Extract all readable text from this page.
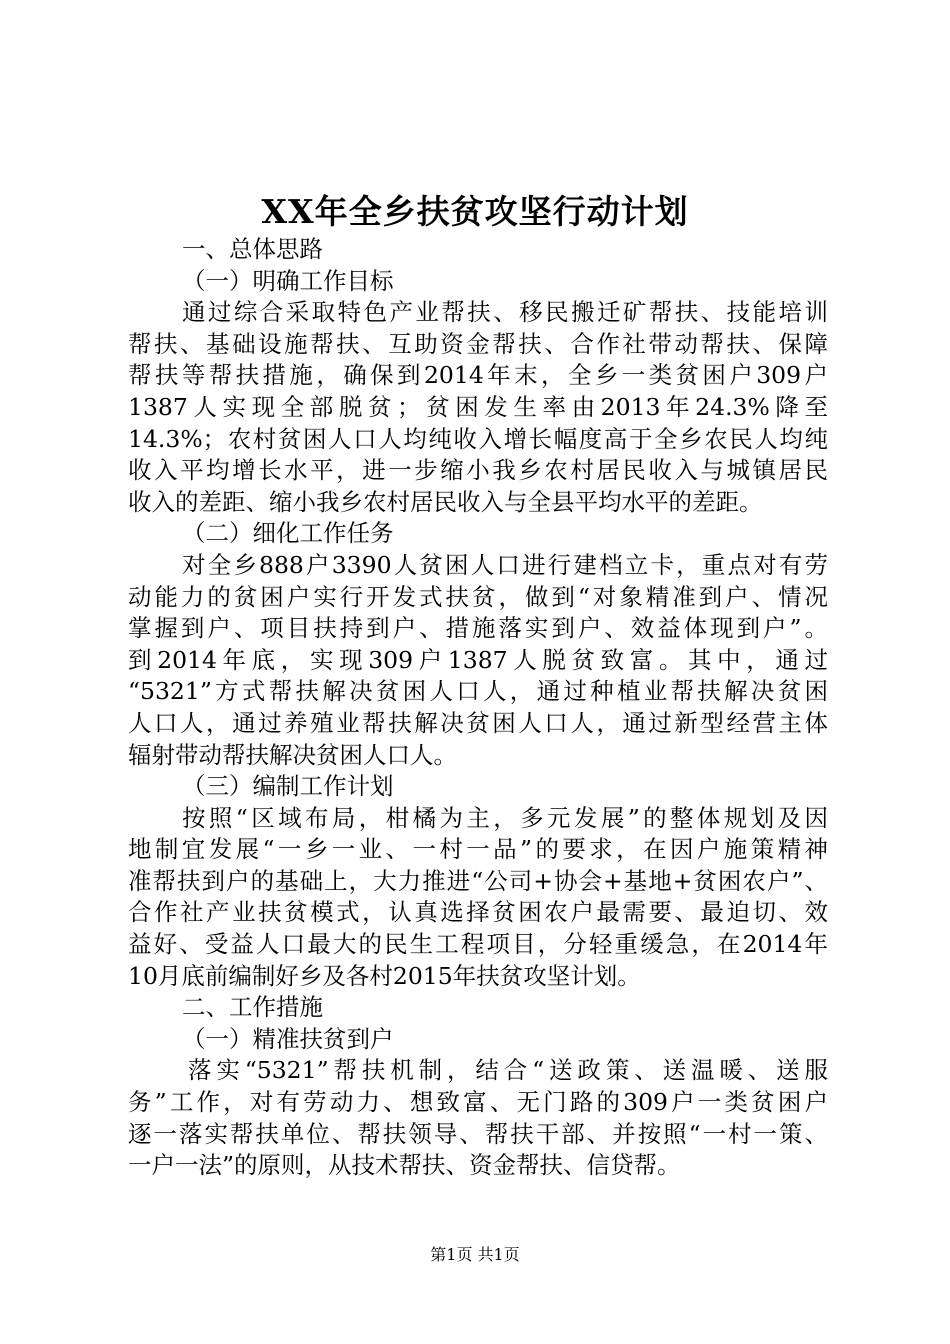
XX年全乡扶贫攻坚行动计划
一、总体思路
（一）明确工作目标
通过综合采取特色产业帮扶、移民搬迁矿帮扶、技能培训
帮扶、基础设施帮扶、互助资金帮扶、合作社带动帮扶、保障
帮扶等帮扶措施，确保到2014年末，全乡一类贫困户309户
1387人实现全部脱贫；贫困发生率由2013年24.3%降至
14.3%；农村贫困人口人均纯收入增长幅度高于全乡农民人均纯
收入平均增长水平，进一步缩小我乡农村居民收入与城镇居民
收入的差距、缩小我乡农村居民收入与全县平均水平的差距。
（二）细化工作任务
对全乡888户3390人贫困人口进行建档立卡，重点对有劳
动能力的贫困户实行开发式扶贫，做到“对象精准到户、情况
掌握到户、项目扶持到户、措施落实到户、效益体现到户”。
到2014年底，实现309户1387人脱贫致富。其中，通过
“5321”方式帮扶解决贫困人口人，通过种植业帮扶解决贫困
人口人，通过养殖业帮扶解决贫困人口人，通过新型经营主体
辐射带动帮扶解决贫困人口人。
（三）编制工作计划
按照“区域布局，柑橘为主，多元发展”的整体规划及因
地制宜发展“一乡一业、一村一品”的要求，在因户施策精神
准帮扶到户的基础上，大力推进“公司+协会+基地+贫困农户”、
合作社产业扶贫模式，认真选择贫困农户最需要、最迫切、效
益好、受益人口最大的民生工程项目，分轻重缓急，在2014年
10月底前编制好乡及各村2015年扶贫攻坚计划。
二、工作措施
（一）精准扶贫到户
落实“5321”帮扶机制，结合“送政策、送温暖、送服
务”工作，对有劳动力、想致富、无门路的309户一类贫困户
逐一落实帮扶单位、帮扶领导、帮扶干部、并按照“一村一策、
一户一法”的原则，从技术帮扶、资金帮扶、信贷帮。
第1页 共1页
